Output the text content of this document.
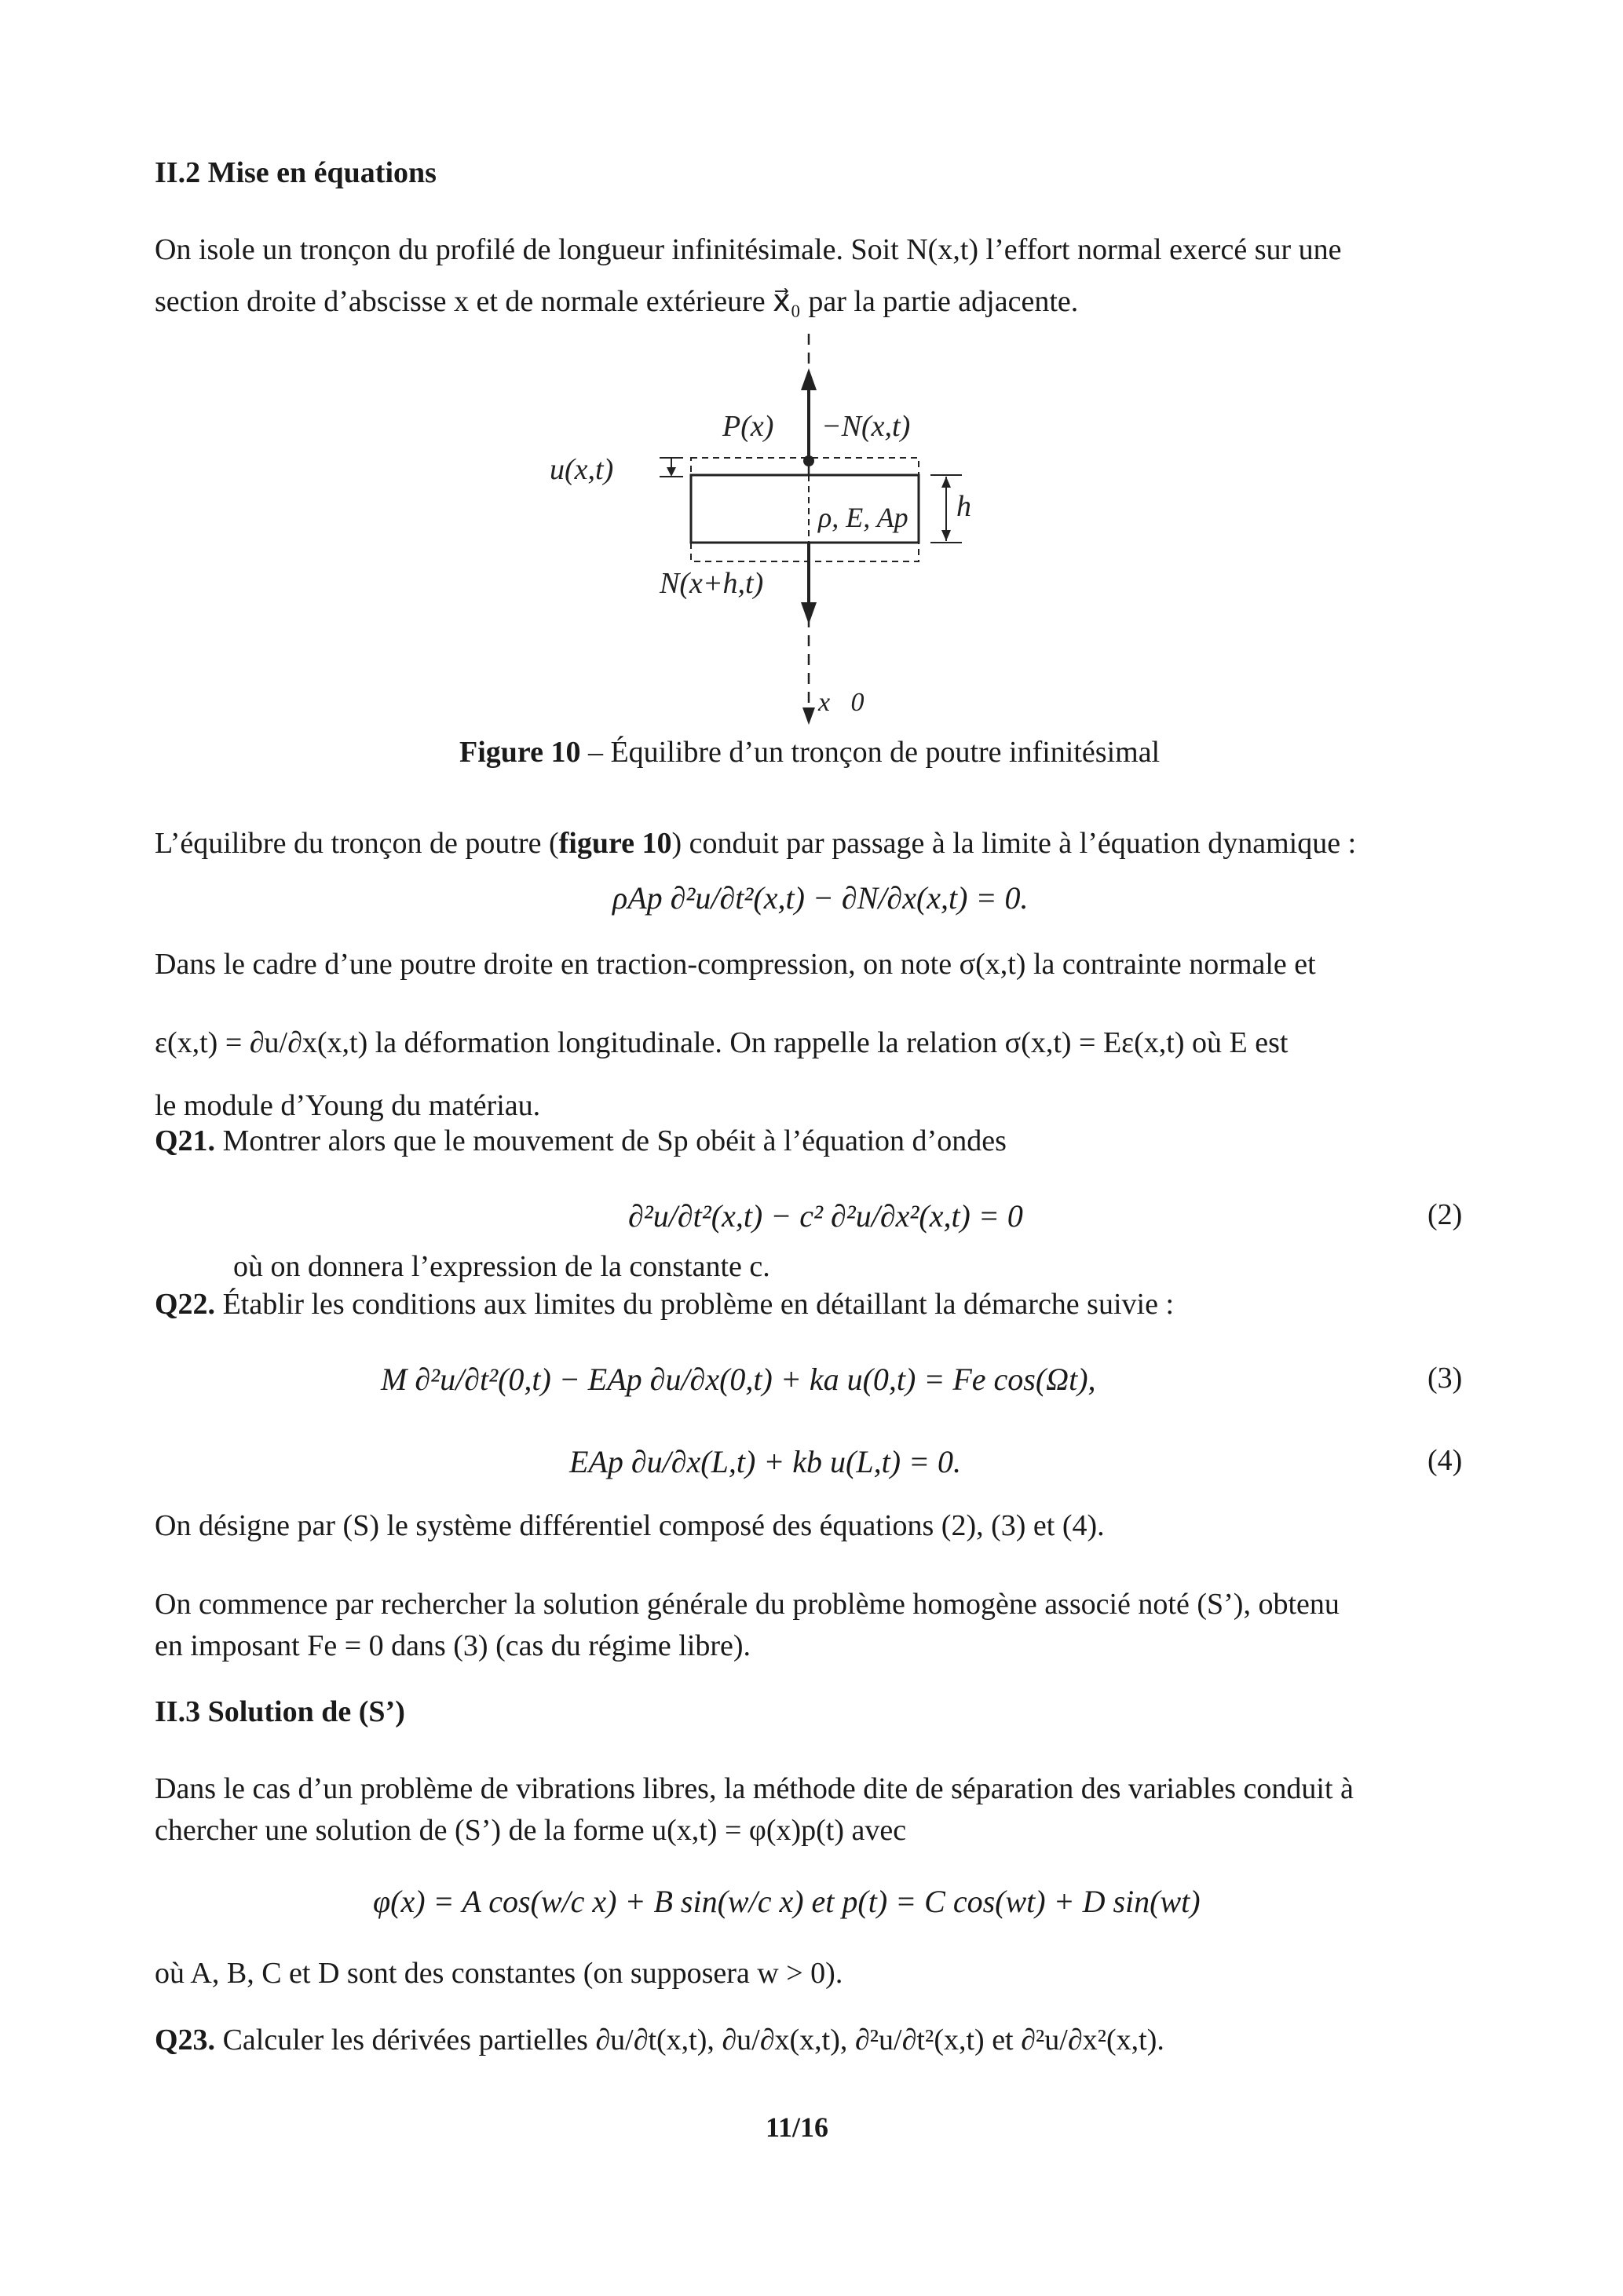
II.2 Mise en équations
On isole un tronçon du profilé de longueur infinitésimale. Soit N(x,t) l’effort normal exercé sur une
section droite d’abscisse x et de normale extérieure x⃗₀ par la partie adjacente.
P(x) −N(x,t)
u(x,t)
ρ, E, Ap h
N(x+h,t)
x⃗0
Figure 10 – Équilibre d’un tronçon de poutre infinitésimal
L’équilibre du tronçon de poutre (figure 10) conduit par passage à la limite à l’équation dynamique :
ρAp ∂²u/∂t²(x,t) − ∂N/∂x(x,t) = 0.
Dans le cadre d’une poutre droite en traction-compression, on note σ(x,t) la contrainte normale et
ε(x,t) = ∂u/∂x(x,t) la déformation longitudinale. On rappelle la relation σ(x,t) = Eε(x,t) où E est
le module d’Young du matériau.
Q21. Montrer alors que le mouvement de Sp obéit à l’équation d’ondes
∂²u/∂t²(x,t) − c² ∂²u/∂x²(x,t) = 0	(2)
où on donnera l’expression de la constante c.
Q22. Établir les conditions aux limites du problème en détaillant la démarche suivie :
M ∂²u/∂t²(0,t) − EAp ∂u/∂x(0,t) + ka u(0,t) = Fe cos(Ωt),	(3)
EAp ∂u/∂x(L,t) + kb u(L,t) = 0.	(4)
On désigne par (S) le système différentiel composé des équations (2), (3) et (4).
On commence par rechercher la solution générale du problème homogène associé noté (S’), obtenu
en imposant Fe = 0 dans (3) (cas du régime libre).
II.3 Solution de (S’)
Dans le cas d’un problème de vibrations libres, la méthode dite de séparation des variables conduit à
chercher une solution de (S’) de la forme u(x,t) = φ(x)p(t) avec
φ(x) = A cos(w/c x) + B sin(w/c x) et p(t) = C cos(wt) + D sin(wt)
où A, B, C et D sont des constantes (on supposera w > 0).
Q23. Calculer les dérivées partielles ∂u/∂t(x,t), ∂u/∂x(x,t), ∂²u/∂t²(x,t) et ∂²u/∂x²(x,t).
11/16
